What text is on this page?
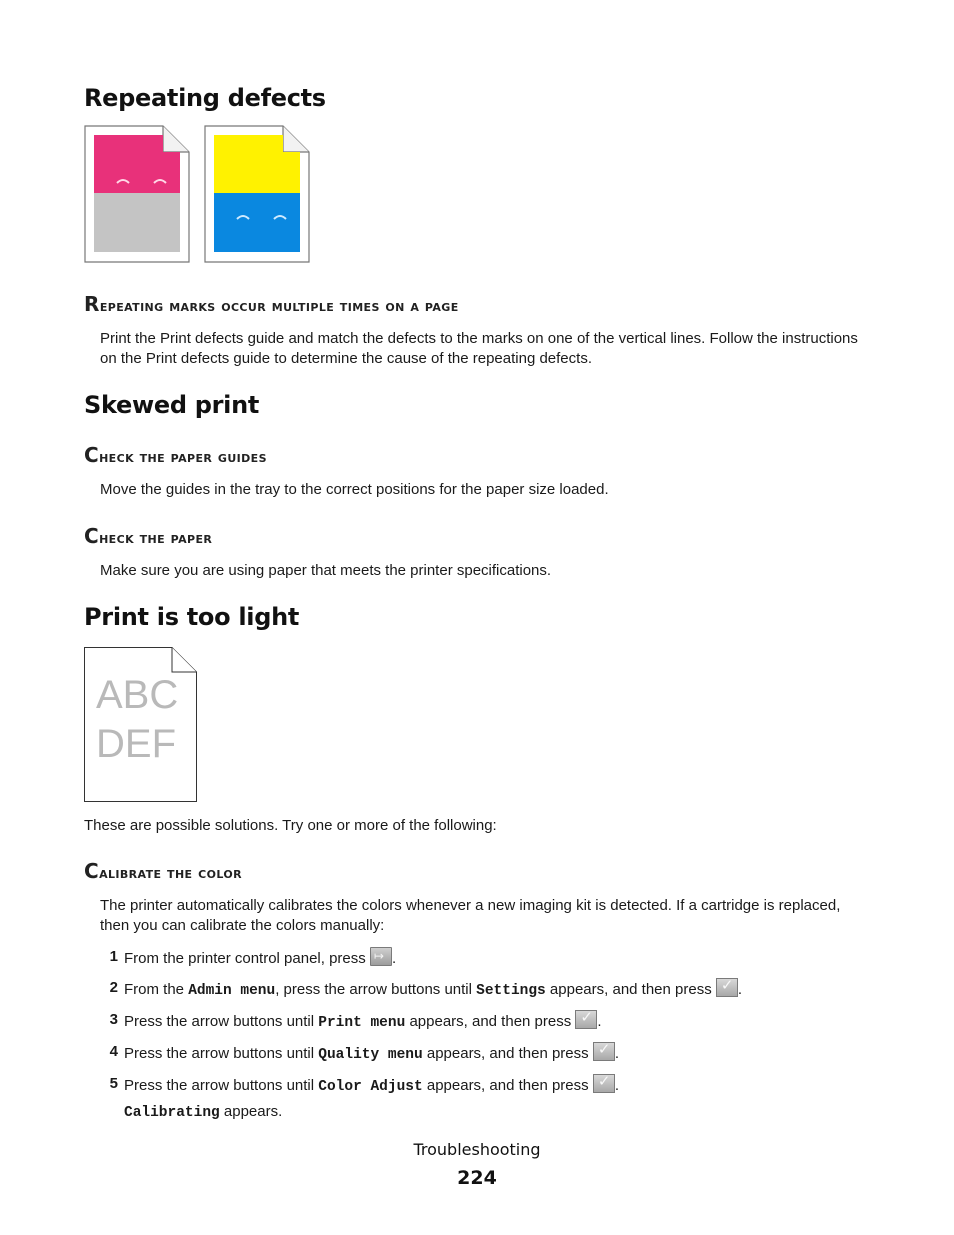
Repeating defects
Repeating marks occur multiple times on a page
Print the Print defects guide and match the defects to the marks on one of the vertical lines. Follow the instructions
on the Print defects guide to determine the cause of the repeating defects.
Skewed print
Check the paper guides
Move the guides in the tray to the correct positions for the paper size loaded.
Check the paper
Make sure you are using paper that meets the printer specifications.
Print is too light
ABC
DEF
These are possible solutions. Try one or more of the following:
Calibrate the color
The printer automatically calibrates the colors whenever a new imaging kit is detected. If a cartridge is replaced,
then you can calibrate the colors manually:
1 From the printer control panel, press ↦.
2 From the Admin menu, press the arrow buttons until Settings appears, and then press ✓.
3 Press the arrow buttons until Print menu appears, and then press ✓.
4 Press the arrow buttons until Quality menu appears, and then press ✓.
5 Press the arrow buttons until Color Adjust appears, and then press ✓.
Calibrating appears.
Troubleshooting
224
